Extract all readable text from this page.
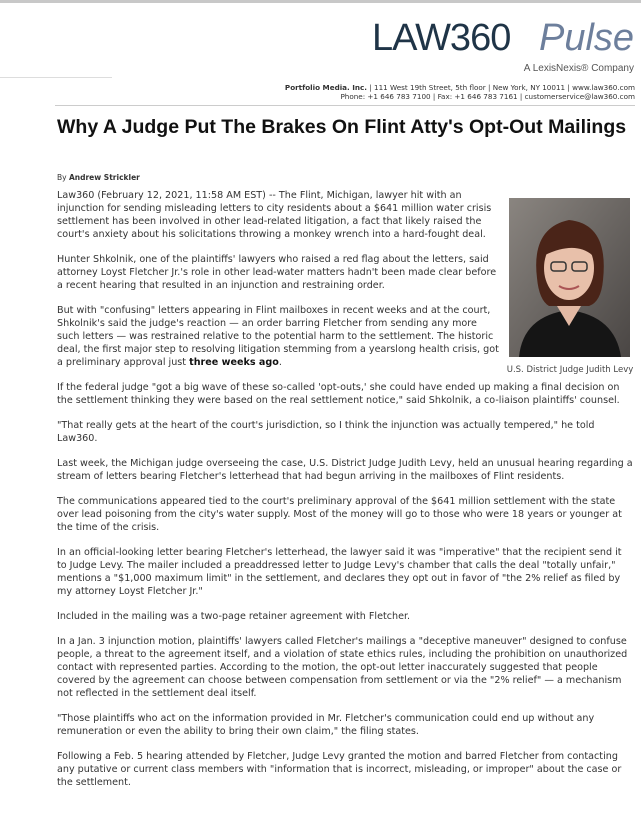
LAW360 Pulse
A LexisNexis® Company
Portfolio Media. Inc. | 111 West 19th Street, 5th floor | New York, NY 10011 | www.law360.com
Phone: +1 646 783 7100 | Fax: +1 646 783 7161 | customerservice@law360.com
Why A Judge Put The Brakes On Flint Atty's Opt-Out Mailings
By Andrew Strickler
U.S. District Judge Judith Levy

Law360 (February 12, 2021, 11:58 AM EST) -- The Flint, Michigan, lawyer hit with an injunction for sending misleading letters to city residents about a $641 million water crisis settlement has been involved in other lead-related litigation, a fact that likely raised the court's anxiety about his solicitations throwing a monkey wrench into a hard-fought deal.

Hunter Shkolnik, one of the plaintiffs' lawyers who raised a red flag about the letters, said attorney Loyst Fletcher Jr.'s role in other lead-water matters hadn't been made clear before a recent hearing that resulted in an injunction and restraining order.

But with "confusing" letters appearing in Flint mailboxes in recent weeks and at the court, Shkolnik's said the judge's reaction — an order barring Fletcher from sending any more such letters — was restrained relative to the potential harm to the settlement. The historic deal, the first major step to resolving litigation stemming from a yearslong health crisis, got a preliminary approval just three weeks ago.

If the federal judge "got a big wave of these so-called 'opt-outs,' she could have ended up making a final decision on the settlement thinking they were based on the real settlement notice," said Shkolnik, a co-liaison plaintiffs' counsel.

"That really gets at the heart of the court's jurisdiction, so I think the injunction was actually tempered," he told Law360.

Last week, the Michigan judge overseeing the case, U.S. District Judge Judith Levy, held an unusual hearing regarding a stream of letters bearing Fletcher's letterhead that had begun arriving in the mailboxes of Flint residents.

The communications appeared tied to the court's preliminary approval of the $641 million settlement with the state over lead poisoning from the city's water supply. Most of the money will go to those who were 18 years or younger at the time of the crisis.

In an official-looking letter bearing Fletcher's letterhead, the lawyer said it was "imperative" that the recipient send it to Judge Levy. The mailer included a preaddressed letter to Judge Levy's chamber that calls the deal "totally unfair," mentions a "$1,000 maximum limit" in the settlement, and declares they opt out in favor of "the 2% relief as filed by my attorney Loyst Fletcher Jr."

Included in the mailing was a two-page retainer agreement with Fletcher.

In a Jan. 3 injunction motion, plaintiffs' lawyers called Fletcher's mailings a "deceptive maneuver" designed to confuse people, a threat to the agreement itself, and a violation of state ethics rules, including the prohibition on unauthorized contact with represented parties. According to the motion, the opt-out letter inaccurately suggested that people covered by the agreement can choose between compensation from settlement or via the "2% relief" — a mechanism not reflected in the settlement deal itself.

"Those plaintiffs who act on the information provided in Mr. Fletcher's communication could end up without any remuneration or even the ability to bring their own claim," the filing states.

Following a Feb. 5 hearing attended by Fletcher, Judge Levy granted the motion and barred Fletcher from contacting any putative or current class members with "information that is incorrect, misleading, or improper" about the case or the settlement.
